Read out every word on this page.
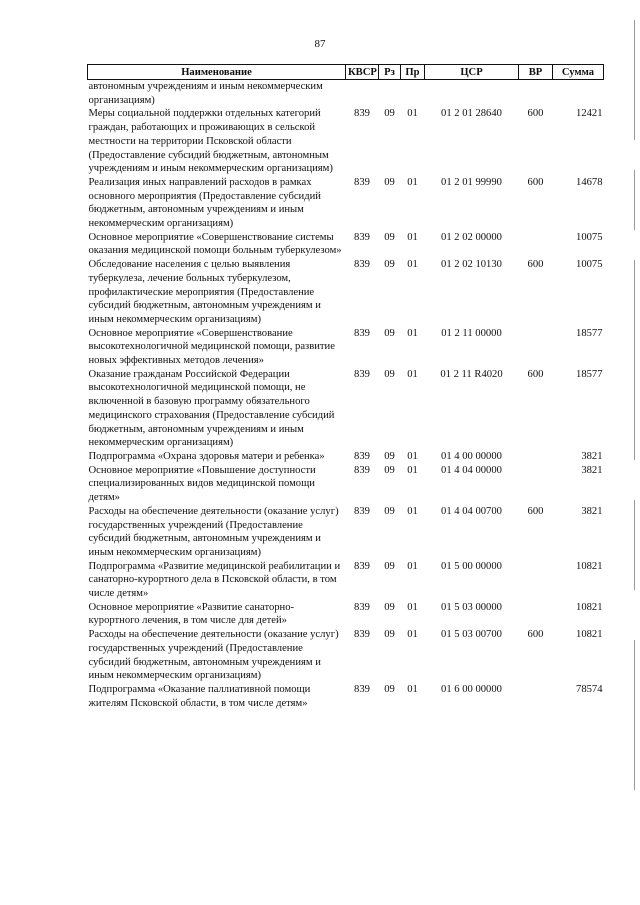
87
Наименование	КВСР	Рз	Пр	ЦСР	ВР	Сумма
автономным учреждениям и иным некоммерческим организациям)						
Меры социальной поддержки отдельных категорий граждан, работающих и проживающих в сельской местности на территории Псковской области (Предоставление субсидий бюджетным, автономным учреждениям и иным некоммерческим организациям)	839	09	01	01 2 01 28640	600	12421
Реализация иных направлений расходов в рамках основного мероприятия (Предоставление субсидий бюджетным, автономным учреждениям и иным некоммерческим организациям)	839	09	01	01 2 01 99990	600	14678
Основное мероприятие «Совершенствование системы оказания медицинской помощи больным туберкулезом»	839	09	01	01 2 02 00000		10075
Обследование населения с целью выявления туберкулеза, лечение больных туберкулезом, профилактические мероприятия (Предоставление субсидий бюджетным, автономным учреждениям и иным некоммерческим организациям)	839	09	01	01 2 02 10130	600	10075
Основное мероприятие «Совершенствование высокотехнологичной медицинской помощи, развитие новых эффективных методов лечения»	839	09	01	01 2 11 00000		18577
Оказание гражданам Российской Федерации высокотехнологичной медицинской помощи, не включенной в базовую программу обязательного медицинского страхования (Предоставление субсидий бюджетным, автономным учреждениям и иным некоммерческим организациям)	839	09	01	01 2 11 R4020	600	18577
Подпрограмма «Охрана здоровья матери и ребенка»	839	09	01	01 4 00 00000		3821
Основное мероприятие «Повышение доступности специализированных видов медицинской помощи детям»	839	09	01	01 4 04 00000		3821
Расходы на обеспечение деятельности (оказание услуг) государственных учреждений (Предоставление субсидий бюджетным, автономным учреждениям и иным некоммерческим организациям)	839	09	01	01 4 04 00700	600	3821
Подпрограмма «Развитие медицинской реабилитации и санаторно-курортного дела в Псковской области, в том числе детям»	839	09	01	01 5 00 00000		10821
Основное мероприятие «Развитие санаторно-курортного лечения, в том числе для детей»	839	09	01	01 5 03 00000		10821
Расходы на обеспечение деятельности (оказание услуг) государственных учреждений (Предоставление субсидий бюджетным, автономным учреждениям и иным некоммерческим организациям)	839	09	01	01 5 03 00700	600	10821
Подпрограмма «Оказание паллиативной помощи жителям Псковской области, в том числе детям»	839	09	01	01 6 00 00000		78574
